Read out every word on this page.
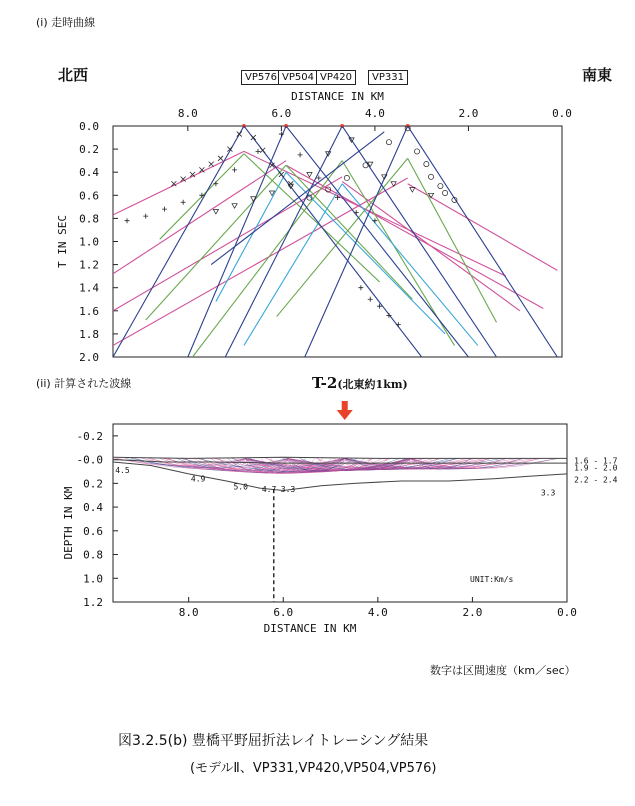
(i) 走時曲線
北西	南東
VP576 VP504 VP420	VP331
DISTANCE IN KM
8.0	6.0	4.0	2.0	0.0
0.0
0.2
0.4
0.6
0.8
1.0
1.2
1.4
1.6
1.8
2.0
T IN SEC
(ii) 計算された波線	T-2(北東約1km)
-0.2
-0.0
0.2
0.4
0.6
0.8
1.0
1.2
8.0	6.0	4.0	2.0	0.0
DISTANCE IN KM
DEPTH IN KM
4.5
4.9
5.0 4.7 3.3	3.3
1.6 - 1.7
1.9 - 2.0
2.2 - 2.4
UNIT:Km/s
数字は区間速度（km／sec）
図3.2.5(b) 豊橋平野屈折法レイトレーシング結果
(モデルⅡ、VP331,VP420,VP504,VP576)
